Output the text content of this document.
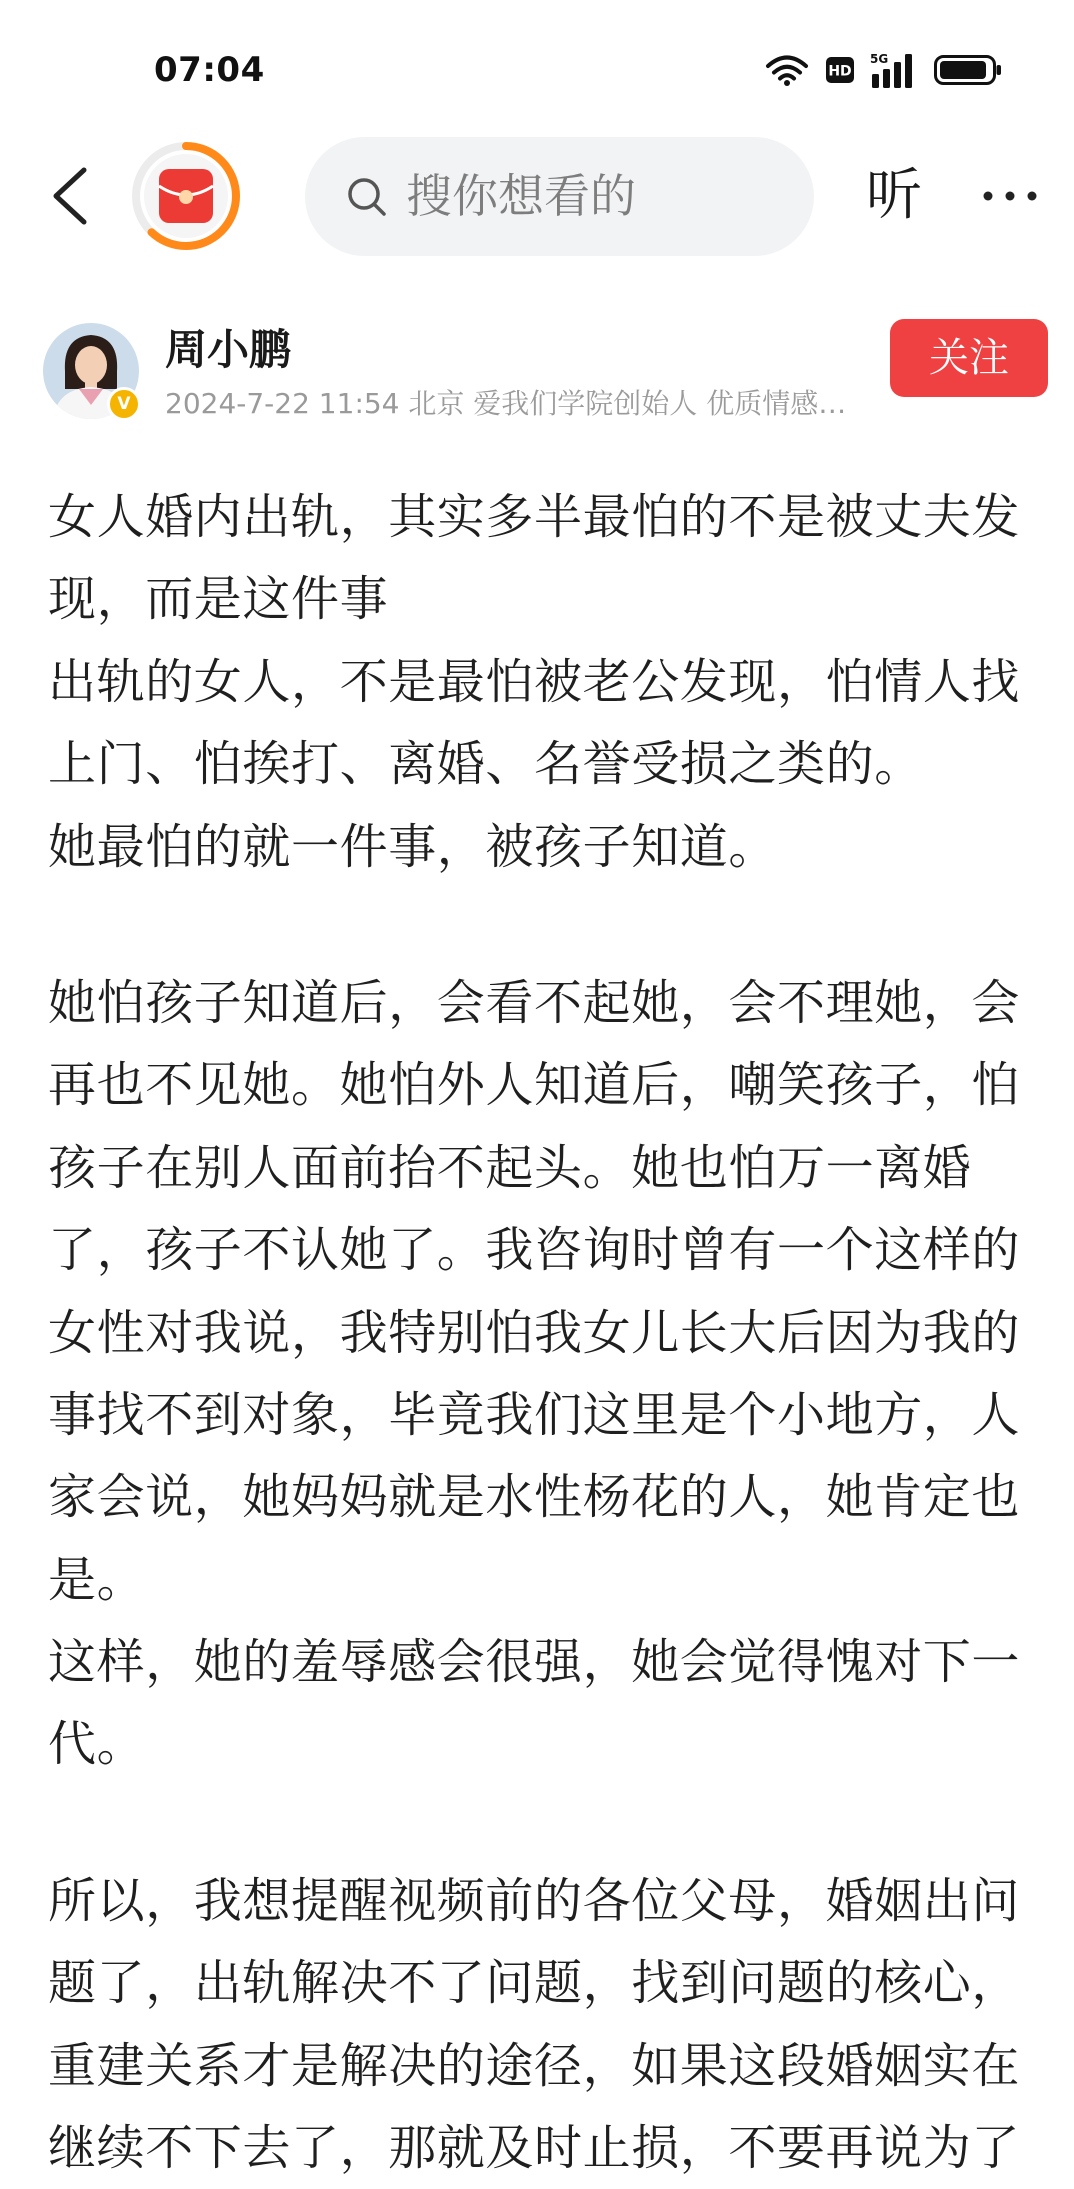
07:04	HD
5G
搜你想看的	听
V
周小鹏
2024-7-22 11:54 北京 爱我们学院创始人 优质情感…
关注
女人婚内出轨，其实多半最怕的不是被丈夫发
现，而是这件事
出轨的女人，不是最怕被老公发现，怕情人找
上门、怕挨打、离婚、名誉受损之类的。
她最怕的就一件事，被孩子知道。
她怕孩子知道后，会看不起她，会不理她，会
再也不见她。她怕外人知道后，嘲笑孩子，怕
孩子在别人面前抬不起头。她也怕万一离婚
了，孩子不认她了。我咨询时曾有一个这样的
女性对我说，我特别怕我女儿长大后因为我的
事找不到对象，毕竟我们这里是个小地方，人
家会说，她妈妈就是水性杨花的人，她肯定也
是。
这样，她的羞辱感会很强，她会觉得愧对下一
代。
所以，我想提醒视频前的各位父母，婚姻出问
题了，出轨解决不了问题，找到问题的核心，
重建关系才是解决的途径，如果这段婚姻实在
继续不下去了，那就及时止损，不要再说为了
